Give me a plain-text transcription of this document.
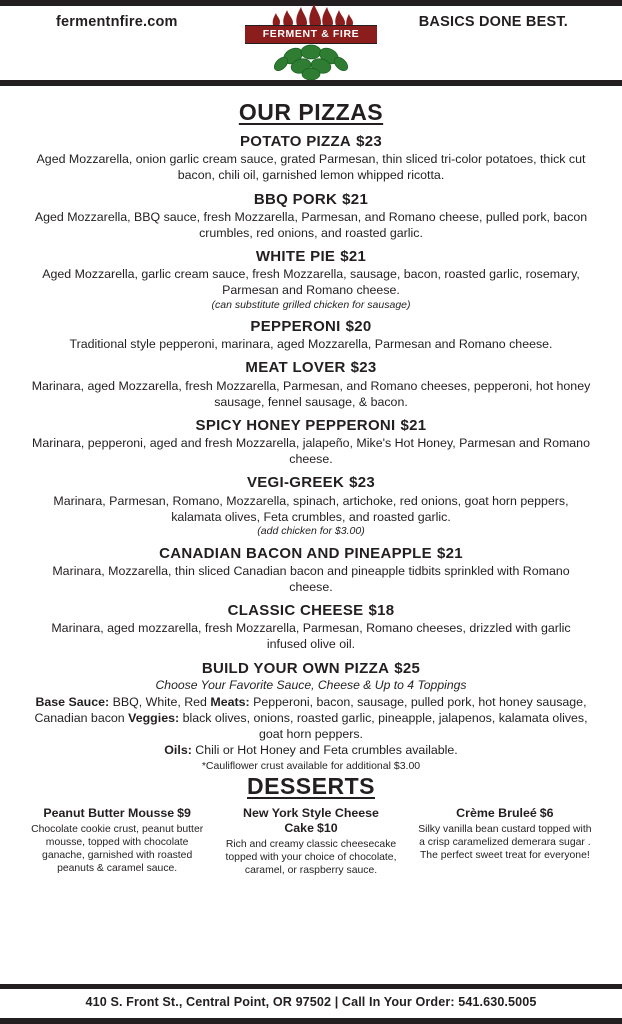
fermentnfire.com	BASICS DONE BEST.
FERMENT & FIRE
OUR PIZZAS
POTATO PIZZA $23
Aged Mozzarella, onion garlic cream sauce, grated Parmesan, thin sliced tri-color potatoes, thick cut bacon, chili oil, garnished lemon whipped ricotta.
BBQ PORK $21
Aged Mozzarella, BBQ sauce, fresh Mozzarella, Parmesan, and Romano cheese, pulled pork, bacon crumbles, red onions, and roasted garlic.
WHITE PIE $21
Aged Mozzarella, garlic cream sauce, fresh Mozzarella, sausage, bacon, roasted garlic, rosemary, Parmesan and Romano cheese.
(can substitute grilled chicken for sausage)
PEPPERONI $20
Traditional style pepperoni, marinara, aged Mozzarella, Parmesan and Romano cheese.
MEAT LOVER $23
Marinara, aged Mozzarella, fresh Mozzarella, Parmesan, and Romano cheeses, pepperoni, hot honey sausage, fennel sausage, & bacon.
SPICY HONEY PEPPERONI $21
Marinara, pepperoni, aged and fresh Mozzarella, jalapeño, Mike's Hot Honey, Parmesan and Romano cheese.
VEGI-GREEK $23
Marinara, Parmesan, Romano, Mozzarella, spinach, artichoke, red onions, goat horn peppers, kalamata olives, Feta crumbles, and roasted garlic.
(add chicken for $3.00)
CANADIAN BACON AND PINEAPPLE $21
Marinara, Mozzarella, thin sliced Canadian bacon and pineapple tidbits sprinkled with Romano cheese.
CLASSIC CHEESE $18
Marinara, aged mozzarella, fresh Mozzarella, Parmesan, Romano cheeses, drizzled with garlic infused olive oil.
BUILD YOUR OWN PIZZA $25
Choose Your Favorite Sauce, Cheese & Up to 4 Toppings
Base Sauce: BBQ, White, Red Meats: Pepperoni, bacon, sausage, pulled pork, hot honey sausage, Canadian bacon Veggies: black olives, onions, roasted garlic, pineapple, jalapenos, kalamata olives, goat horn peppers.
Oils: Chili or Hot Honey and Feta crumbles available.
*Cauliflower crust available for additional $3.00
DESSERTS
Peanut Butter Mousse $9
Chocolate cookie crust, peanut butter mousse, topped with chocolate ganache, garnished with roasted peanuts & caramel sauce.
New York Style Cheese Cake $10
Rich and creamy classic cheesecake topped with your choice of chocolate, caramel, or raspberry sauce.
Crème Bruleé $6
Silky vanilla bean custard topped with a crisp caramelized demerara sugar . The perfect sweet treat for everyone!
410 S. Front St., Central Point, OR 97502 | Call In Your Order: 541.630.5005
